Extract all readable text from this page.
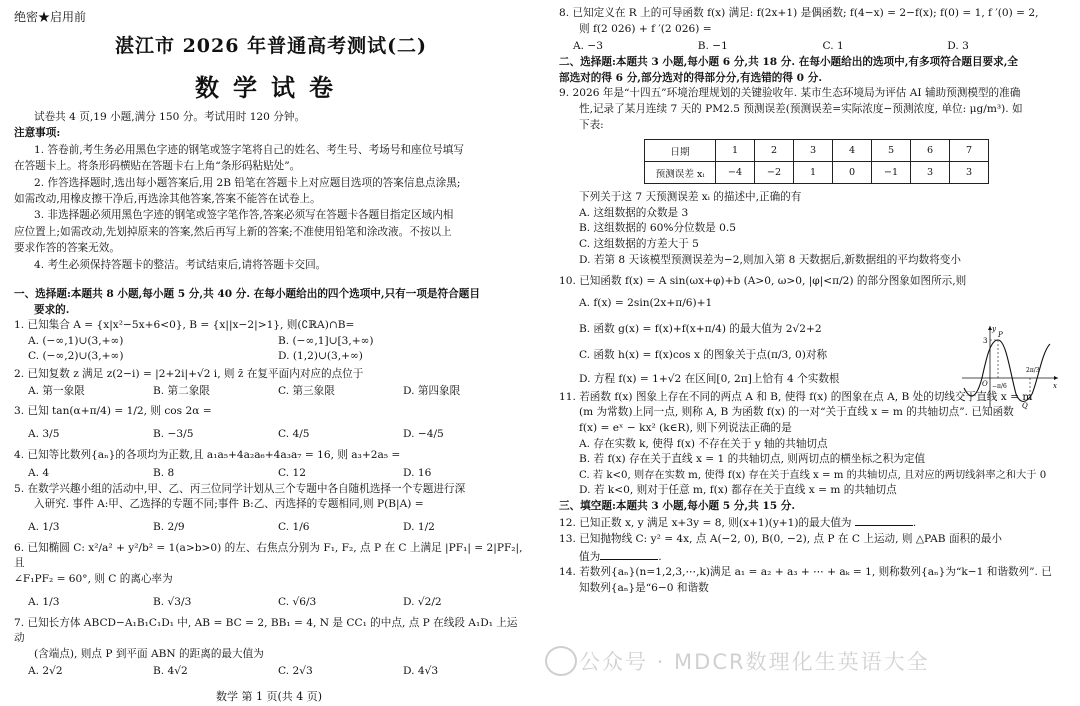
绝密★启用前
湛江市 2026 年普通高考测试(二)
数学试卷

试卷共 4 页,19 小题,满分 150 分。考试用时 120 分钟。

注意事项:

1. 答卷前,考生务必用黑色字迹的钢笔或签字笔将自己的姓名、考生号、考场号和座位号填写

在答题卡上。将条形码横贴在答题卡右上角“条形码粘贴处”。

2. 作答选择题时,选出每小题答案后,用 2B 铅笔在答题卡上对应题目选项的答案信息点涂黑;

如需改动,用橡皮擦干净后,再选涂其他答案,答案不能答在试卷上。

3. 非选择题必须用黑色字迹的钢笔或签字笔作答,答案必须写在答题卡各题目指定区域内相

应位置上;如需改动,先划掉原来的答案,然后再写上新的答案;不准使用铅笔和涂改液。不按以上

要求作答的答案无效。

4. 考生必须保持答题卡的整洁。考试结束后,请将答题卡交回。

一、选择题:本题共 8 小题,每小题 5 分,共 40 分. 在每小题给出的四个选项中,只有一项是符合题目

要求的.

1. 已知集合 A = {x|x²−5x+6<0}, B = {x||x−2|>1}, 则(∁ℝA)∩B=

A. (−∞,1)∪(3,+∞)	B. (−∞,1]∪[3,+∞)
C. (−∞,2)∪(3,+∞)	D. (1,2)∪(3,+∞)

2. 已知复数 z 满足 z(2−i) = |2+2i|+√2 i, 则 z̄ 在复平面内对应的点位于

A. 第一象限	B. 第二象限	C. 第三象限	D. 第四象限

3. 已知 tan(α+π/4) = 1/2, 则 cos 2α =

A. 3/5	B. −3/5	C. 4/5	D. −4/5

4. 已知等比数列{aₙ}的各项均为正数,且 a₁a₅+4a₂a₆+4a₃a₇ = 16, 则 a₃+2a₅ =

A. 4	B. 8	C. 12	D. 16

5. 在数学兴趣小组的活动中,甲、乙、丙三位同学计划从三个专题中各自随机选择一个专题进行深

入研究. 事件 A:甲、乙选择的专题不同;事件 B:乙、丙选择的专题相同,则 P(B|A) =

A. 1/3	B. 2/9	C. 1/6	D. 1/2

6. 已知椭圆 C: x²/a² + y²/b² = 1(a>b>0) 的左、右焦点分别为 F₁, F₂, 点 P 在 C 上满足 |PF₁| = 2|PF₂|, 且

∠F₁PF₂ = 60°, 则 C 的离心率为

A. 1/3	B. √3/3	C. √6/3	D. √2/2

7. 已知长方体 ABCD−A₁B₁C₁D₁ 中, AB = BC = 2, BB₁ = 4, N 是 CC₁ 的中点, 点 P 在线段 A₁D₁ 上运动

(含端点), 则点 P 到平面 ABN 的距离的最大值为

A. 2√2	B. 4√2	C. 2√3	D. 4√3
数学 第 1 页(共 4 页)

8. 已知定义在 R 上的可导函数 f(x) 满足: f(2x+1) 是偶函数; f(4−x) = 2−f(x); f(0) = 1, f ′(0) = 2,

则 f(2 026) + f ′(2 026) =

A. −3	B. −1	C. 1	D. 3

二、选择题:本题共 3 小题,每小题 6 分,共 18 分. 在每小题给出的选项中,有多项符合题目要求,全

部选对的得 6 分,部分选对的得部分分,有选错的得 0 分.

9. 2026 年是“十四五”环境治理规划的关键验收年. 某市生态环境局为评估 AI 辅助预测模型的准确

性,记录了某月连续 7 天的 PM2.5 预测误差(预测误差=实际浓度−预测浓度, 单位: μg/m³). 如

下表:

日期	1	2	3	4	5	6	7
预测误差 xᵢ	−4	−2	1	0	−1	3	3

下列关于这 7 天预测误差 xᵢ 的描述中,正确的有

A. 这组数据的众数是 3

B. 这组数据的 60%分位数是 0.5

C. 这组数据的方差大于 5

D. 若第 8 天该模型预测误差为−2,则加入第 8 天数据后,新数据组的平均数将变小

10. 已知函数 f(x) = A sin(ωx+φ)+b (A>0, ω>0, |φ|<π/2) 的部分图象如图所示,则

A. f(x) = 2sin(2x+π/6)+1

B. 函数 g(x) = f(x)+f(x+π/4) 的最大值为 2√2+2

C. 函数 h(x) = f(x)cos x 的图象关于点(π/3, 0)对称

D. 方程 f(x) = 1+√2 在区间[0, 2π]上恰有 4 个实数根

11. 若函数 f(x) 图象上存在不同的两点 A 和 B, 使得 f(x) 的图象在点 A, B 处的切线交于直线 x = m

(m 为常数)上同一点, 则称 A, B 为函数 f(x) 的一对“关于直线 x = m 的共轴切点”. 已知函数

f(x) = eˣ − kx² (k∈R), 则下列说法正确的是

A. 存在实数 k, 使得 f(x) 不存在关于 y 轴的共轴切点

B. 若 f(x) 存在关于直线 x = 1 的共轴切点, 则两切点的横坐标之积为定值

C. 若 k<0, 则存在实数 m, 使得 f(x) 存在关于直线 x = m 的共轴切点, 且对应的两切线斜率之和大于 0

D. 若 k<0, 则对于任意 m, f(x) 都存在关于直线 x = m 的共轴切点

三、填空题:本题共 3 小题,每小题 5 分,共 15 分.

12. 已知正数 x, y 满足 x+3y = 8, 则(x+1)(y+1)的最大值为	.

13. 已知抛物线 C: y² = 4x, 点 A(−2, 0), B(0, −2), 点 P 在 C 上运动, 则 △PAB 面积的最小

值为	.

14. 若数列{aₙ}(n=1,2,3,⋯,k)满足 a₁ = a₂ + a₃ + ⋯ + aₖ = 1, 则称数列{aₙ}为“k−1 和谐数列”. 已

知数列{aₙ}是“6−0 和谐数

y
x
O
P
Q
3
−π/6
2π/3
公众号 · MDCR数理化生英语大全
